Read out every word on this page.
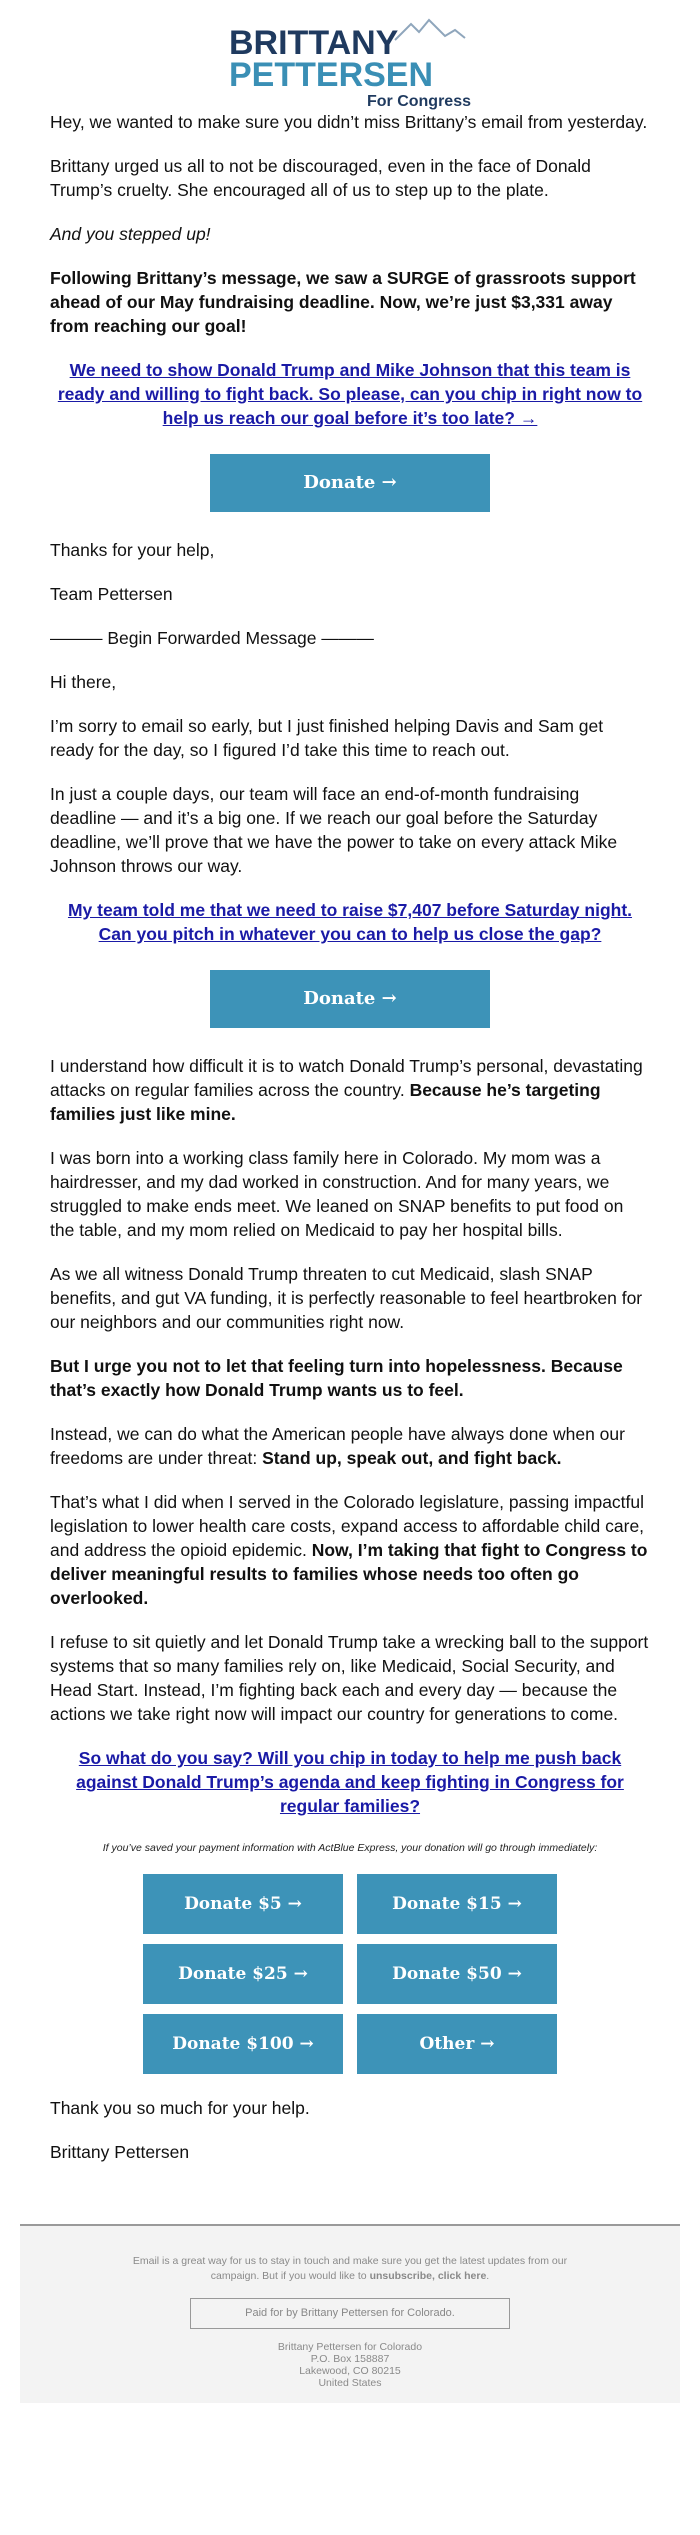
BRITTANY
PETTERSEN
For Congress

Hey, we wanted to make sure you didn’t miss Brittany’s email from yesterday.

Brittany urged us all to not be discouraged, even in the face of Donald Trump’s cruelty. She encouraged all of us to step up to the plate.

And you stepped up!

Following Brittany’s message, we saw a SURGE of grassroots support ahead of our May fundraising deadline. Now, we’re just $3,331 away from reaching our goal!

We need to show Donald Trump and Mike Johnson that this team is ready and willing to fight back. So please, can you chip in right now to help us reach our goal before it’s too late? →

Donate →

Thanks for your help,

Team Pettersen

——— Begin Forwarded Message ———

Hi there,

I’m sorry to email so early, but I just finished helping Davis and Sam get ready for the day, so I figured I’d take this time to reach out.

In just a couple days, our team will face an end-of-month fundraising deadline — and it’s a big one. If we reach our goal before the Saturday deadline, we’ll prove that we have the power to take on every attack Mike Johnson throws our way.

My team told me that we need to raise $7,407 before Saturday night. Can you pitch in whatever you can to help us close the gap?

Donate →

I understand how difficult it is to watch Donald Trump’s personal, devastating attacks on regular families across the country. Because he’s targeting families just like mine.

I was born into a working class family here in Colorado. My mom was a hairdresser, and my dad worked in construction. And for many years, we struggled to make ends meet. We leaned on SNAP benefits to put food on the table, and my mom relied on Medicaid to pay her hospital bills.

As we all witness Donald Trump threaten to cut Medicaid, slash SNAP benefits, and gut VA funding, it is perfectly reasonable to feel heartbroken for our neighbors and our communities right now.

But I urge you not to let that feeling turn into hopelessness. Because that’s exactly how Donald Trump wants us to feel.

Instead, we can do what the American people have always done when our freedoms are under threat: Stand up, speak out, and fight back.

That’s what I did when I served in the Colorado legislature, passing impactful legislation to lower health care costs, expand access to affordable child care, and address the opioid epidemic. Now, I’m taking that fight to Congress to deliver meaningful results to families whose needs too often go overlooked.

I refuse to sit quietly and let Donald Trump take a wrecking ball to the support systems that so many families rely on, like Medicaid, Social Security, and Head Start. Instead, I’m fighting back each and every day — because the actions we take right now will impact our country for generations to come.

So what do you say? Will you chip in today to help me push back against Donald Trump’s agenda and keep fighting in Congress for regular families?

If you’ve saved your payment information with ActBlue Express, your donation will go through immediately:

Donate $5 →	Donate $15 →
Donate $25 →	Donate $50 →
Donate $100 →	Other →

Thank you so much for your help.

Brittany Pettersen

Email is a great way for us to stay in touch and make sure you get the latest updates from our campaign. But if you would like to unsubscribe, click here.
Paid for by Brittany Pettersen for Colorado.
Brittany Pettersen for Colorado
P.O. Box 158887
Lakewood, CO 80215
United States
